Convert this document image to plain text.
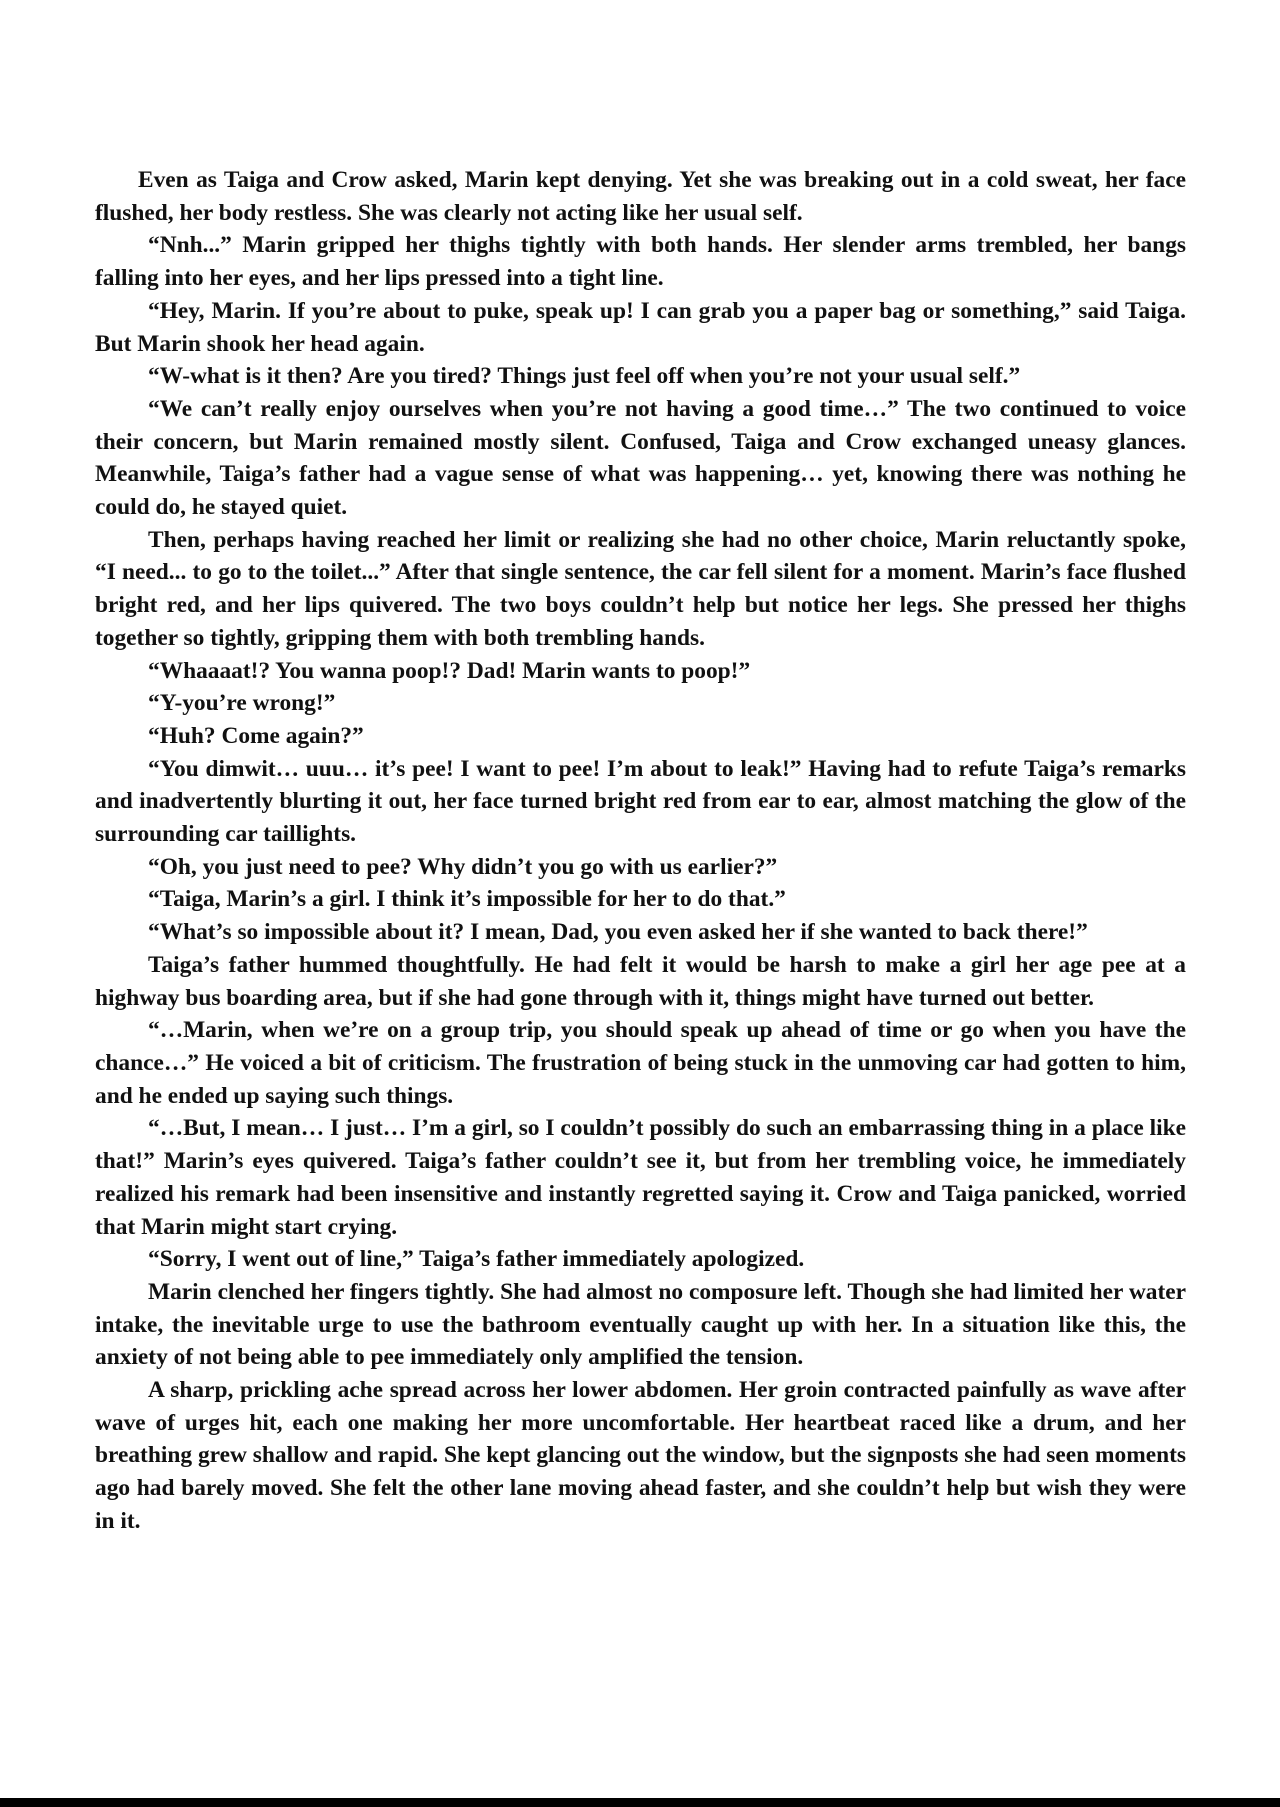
Even as Taiga and Crow asked, Marin kept denying. Yet she was breaking out in a cold sweat, her face flushed, her body restless. She was clearly not acting like her usual self.

“Nnh...” Marin gripped her thighs tightly with both hands. Her slender arms trembled, her bangs falling into her eyes, and her lips pressed into a tight line.

“Hey, Marin. If you’re about to puke, speak up! I can grab you a paper bag or something,” said Taiga. But Marin shook her head again.

“W-what is it then? Are you tired? Things just feel off when you’re not your usual self.”

“We can’t really enjoy ourselves when you’re not having a good time…” The two continued to voice their concern, but Marin remained mostly silent. Confused, Taiga and Crow exchanged uneasy glances. Meanwhile, Taiga’s father had a vague sense of what was happening… yet, knowing there was nothing he could do, he stayed quiet.

Then, perhaps having reached her limit or realizing she had no other choice, Marin reluctantly spoke, “I need... to go to the toilet...” After that single sentence, the car fell silent for a moment. Marin’s face flushed bright red, and her lips quivered. The two boys couldn’t help but notice her legs. She pressed her thighs together so tightly, gripping them with both trembling hands.

“Whaaaat!? You wanna poop!? Dad! Marin wants to poop!”

“Y-you’re wrong!”

“Huh? Come again?”

“You dimwit… uuu… it’s pee! I want to pee! I’m about to leak!” Having had to refute Taiga’s remarks and inadvertently blurting it out, her face turned bright red from ear to ear, almost matching the glow of the surrounding car taillights.

“Oh, you just need to pee? Why didn’t you go with us earlier?”

“Taiga, Marin’s a girl. I think it’s impossible for her to do that.”

“What’s so impossible about it? I mean, Dad, you even asked her if she wanted to back there!”

Taiga’s father hummed thoughtfully. He had felt it would be harsh to make a girl her age pee at a highway bus boarding area, but if she had gone through with it, things might have turned out better.

“…Marin, when we’re on a group trip, you should speak up ahead of time or go when you have the chance…” He voiced a bit of criticism. The frustration of being stuck in the unmoving car had gotten to him, and he ended up saying such things.

“…But, I mean… I just… I’m a girl, so I couldn’t possibly do such an embarrassing thing in a place like that!” Marin’s eyes quivered. Taiga’s father couldn’t see it, but from her trembling voice, he immediately realized his remark had been insensitive and instantly regretted saying it. Crow and Taiga panicked, worried that Marin might start crying.

“Sorry, I went out of line,” Taiga’s father immediately apologized.

Marin clenched her fingers tightly. She had almost no composure left. Though she had limited her water intake, the inevitable urge to use the bathroom eventually caught up with her. In a situation like this, the anxiety of not being able to pee immediately only amplified the tension.

A sharp, prickling ache spread across her lower abdomen. Her groin contracted painfully as wave after wave of urges hit, each one making her more uncomfortable. Her heartbeat raced like a drum, and her breathing grew shallow and rapid. She kept glancing out the window, but the signposts she had seen moments ago had barely moved. She felt the other lane moving ahead faster, and she couldn’t help but wish they were in it.
